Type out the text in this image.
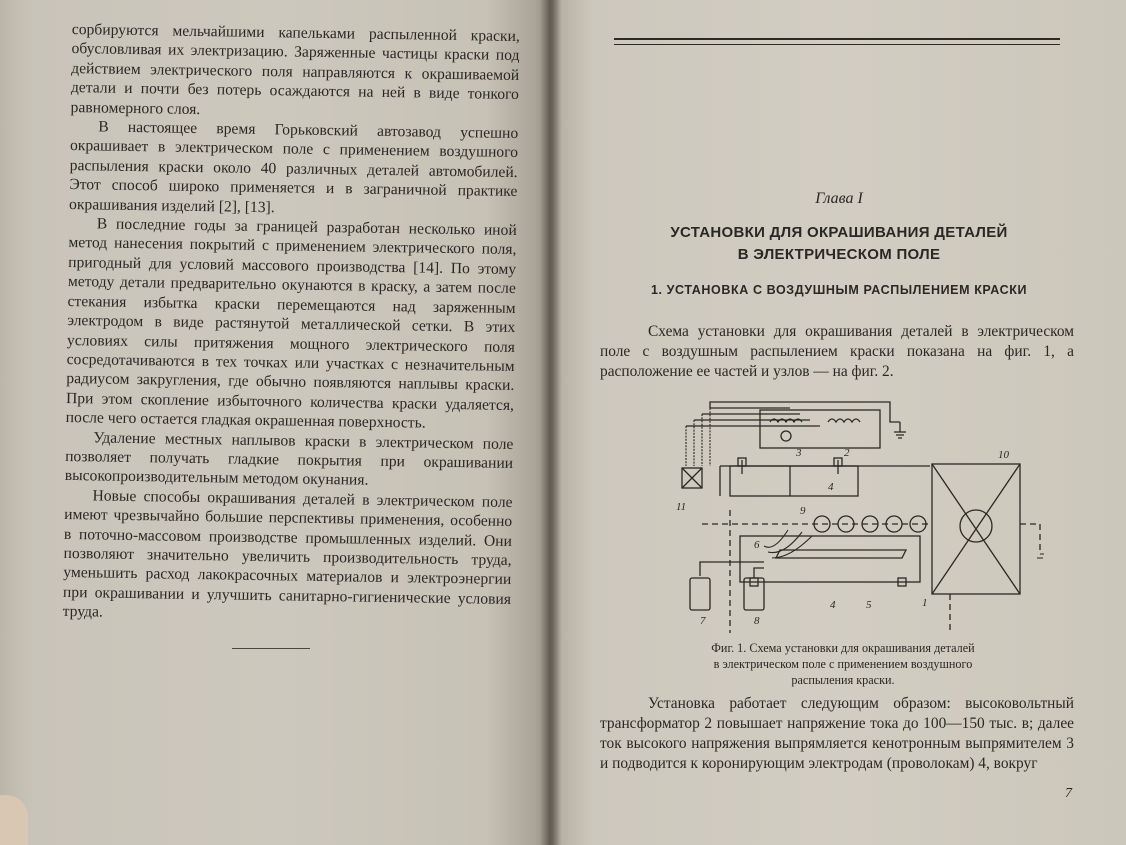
сорбируются мельчайшими капельками распыленной краски, обусловливая их электризацию. Заряженные частицы краски под действием электрического поля направляются к окрашиваемой детали и почти без потерь осаждаются на ней в виде тонкого равномерного слоя.

В настоящее время Горьковский автозавод успешно окрашивает в электрическом поле с применением воздушного распыления краски около 40 различных деталей автомобилей. Этот способ широко применяется и в заграничной практике окрашивания изделий [2], [13].

В последние годы за границей разработан несколько иной метод нанесения покрытий с применением электрического поля, пригодный для условий массового производства [14]. По этому методу детали предварительно окунаются в краску, а затем после стекания избытка краски перемещаются над заряженным электродом в виде растянутой металлической сетки. В этих условиях силы притяжения мощного электрического поля сосредотачиваются в тех точках или участках с незначительным радиусом закругления, где обычно появляются наплывы краски. При этом скопление избыточного количества краски удаляется, после чего остается гладкая окрашенная поверхность.

Удаление местных наплывов краски в электрическом поле позволяет получать гладкие покрытия при окрашивании высокопроизводительным методом окунания.

Новые способы окрашивания деталей в электрическом поле имеют чрезвычайно большие перспективы применения, особенно в поточно-массовом производстве промышленных изделий. Они позволяют значительно увеличить производительность труда, уменьшить расход лакокрасочных материалов и электроэнергии при окрашивании и улучшить санитарно-гигиенические условия труда.

Глава I
УСТАНОВКИ ДЛЯ ОКРАШИВАНИЯ ДЕТАЛЕЙ
В ЭЛЕКТРИЧЕСКОМ ПОЛЕ
1. УСТАНОВКА С ВОЗДУШНЫМ РАСПЫЛЕНИЕМ КРАСКИ

Схема установки для окрашивания деталей в электрическом поле с воздушным распылением краски показана на фиг. 1, а расположение ее частей и узлов — на фиг. 2.

1
2
3
4
4	5
6
7	8
9
10
11
Фиг. 1. Схема установки для окрашивания деталей
в электрическом поле с применением воздушного
распыления краски.

Установка работает следующим образом: высоковольтный трансформатор 2 повышает напряжение тока до 100—150 тыс. в; далее ток высокого напряжения выпрямляется кенотронным выпрямителем 3 и подводится к коронирующим электродам (проволокам) 4, вокруг

7
